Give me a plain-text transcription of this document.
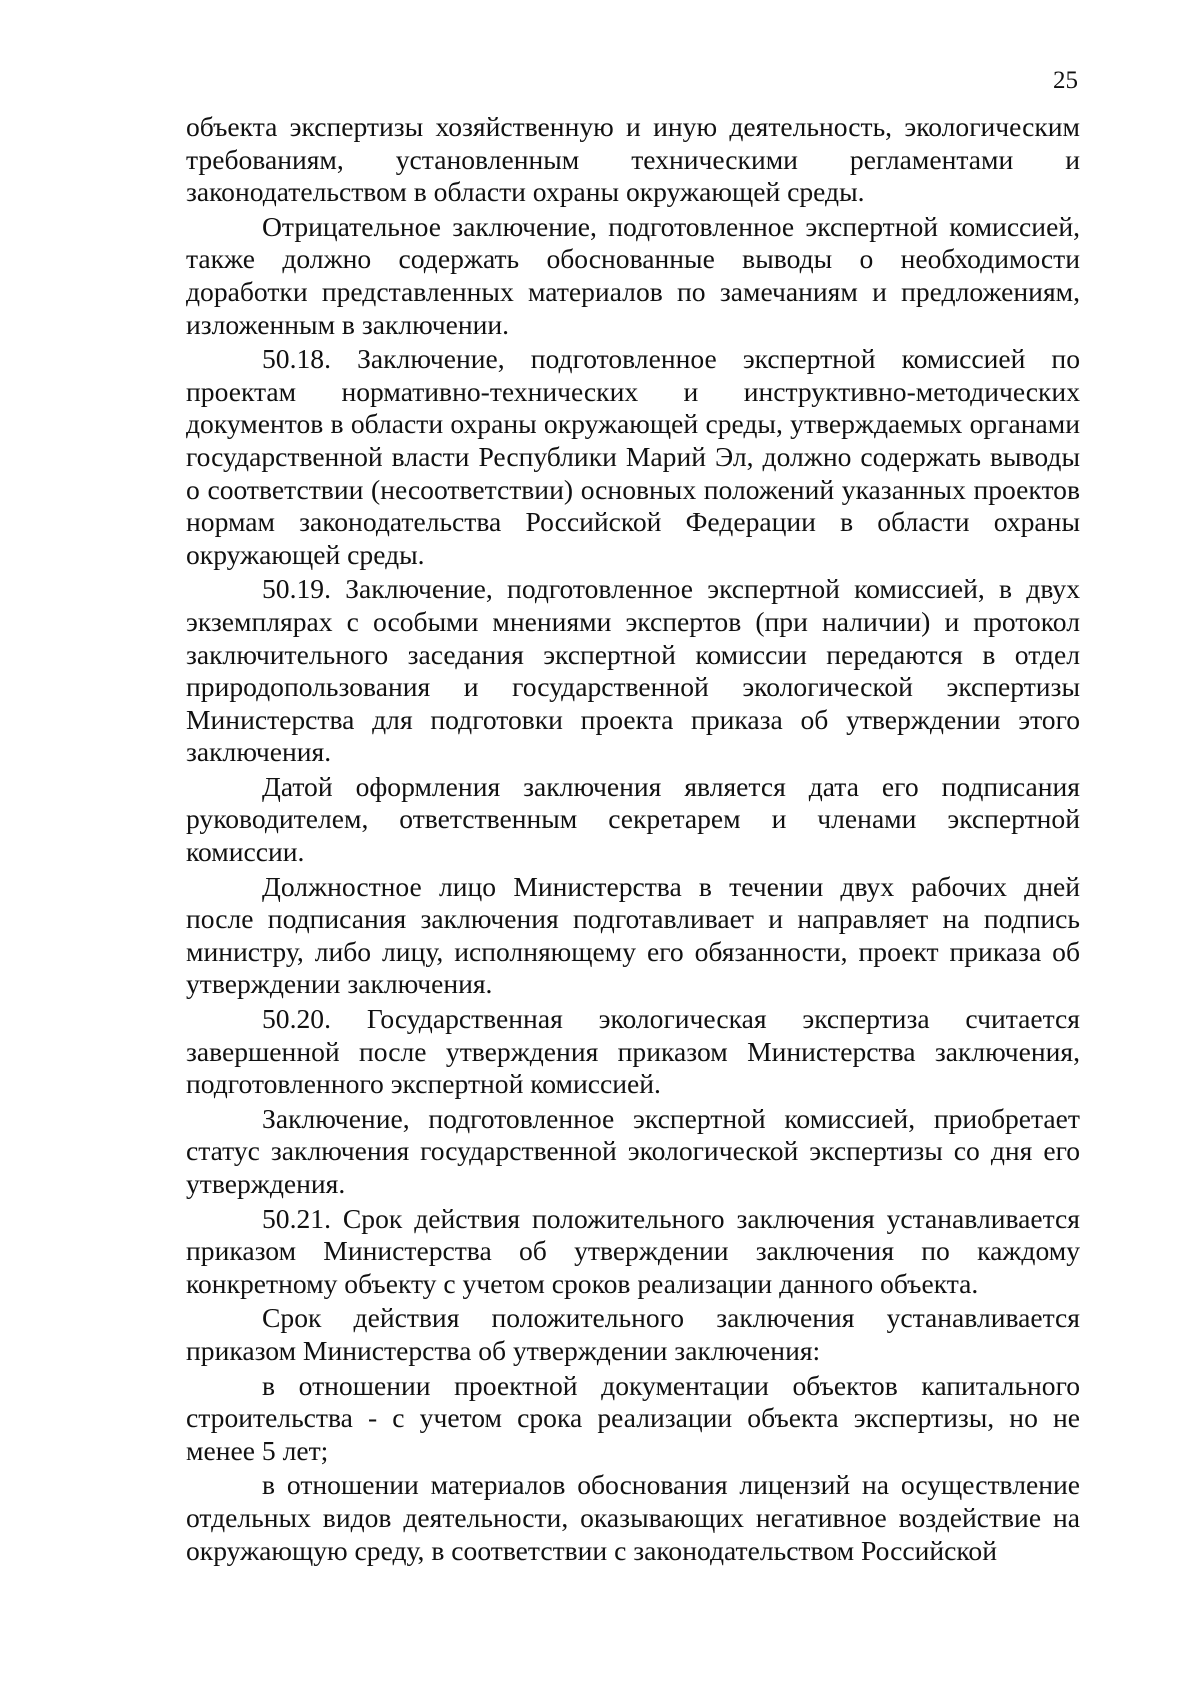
25

объекта экспертизы хозяйственную и иную деятельность, экологическим требованиям, установленным техническими регламентами и законодательством в области охраны окружающей среды.

Отрицательное заключение, подготовленное экспертной комиссией, также должно содержать обоснованные выводы о необходимости доработки представленных материалов по замечаниям и предложениям, изложенным в заключении.

50.18. Заключение, подготовленное экспертной комиссией по проектам нормативно-технических и инструктивно-методических документов в области охраны окружающей среды, утверждаемых органами государственной власти Республики Марий Эл, должно содержать выводы о соответствии (несоответствии) основных положений указанных проектов нормам законодательства Российской Федерации в области охраны окружающей среды.

50.19. Заключение, подготовленное экспертной комиссией, в двух экземплярах с особыми мнениями экспертов (при наличии) и протокол заключительного заседания экспертной комиссии передаются в отдел природопользования и государственной экологической экспертизы Министерства для подготовки проекта приказа об утверждении этого заключения.

Датой оформления заключения является дата его подписания руководителем, ответственным секретарем и членами экспертной комиссии.

Должностное лицо Министерства в течении двух рабочих дней после подписания заключения подготавливает и направляет на подпись министру, либо лицу, исполняющему его обязанности, проект приказа об утверждении заключения.

50.20. Государственная экологическая экспертиза считается завершенной после утверждения приказом Министерства заключения, подготовленного экспертной комиссией.

Заключение, подготовленное экспертной комиссией, приобретает статус заключения государственной экологической экспертизы со дня его утверждения.

50.21. Срок действия положительного заключения устанавливается приказом Министерства об утверждении заключения по каждому конкретному объекту с учетом сроков реализации данного объекта.

Срок действия положительного заключения устанавливается приказом Министерства об утверждении заключения:

в отношении проектной документации объектов капитального строительства - с учетом срока реализации объекта экспертизы, но не менее 5 лет;

в отношении материалов обоснования лицензий на осуществление отдельных видов деятельности, оказывающих негативное воздействие на окружающую среду, в соответствии с законодательством Российской
